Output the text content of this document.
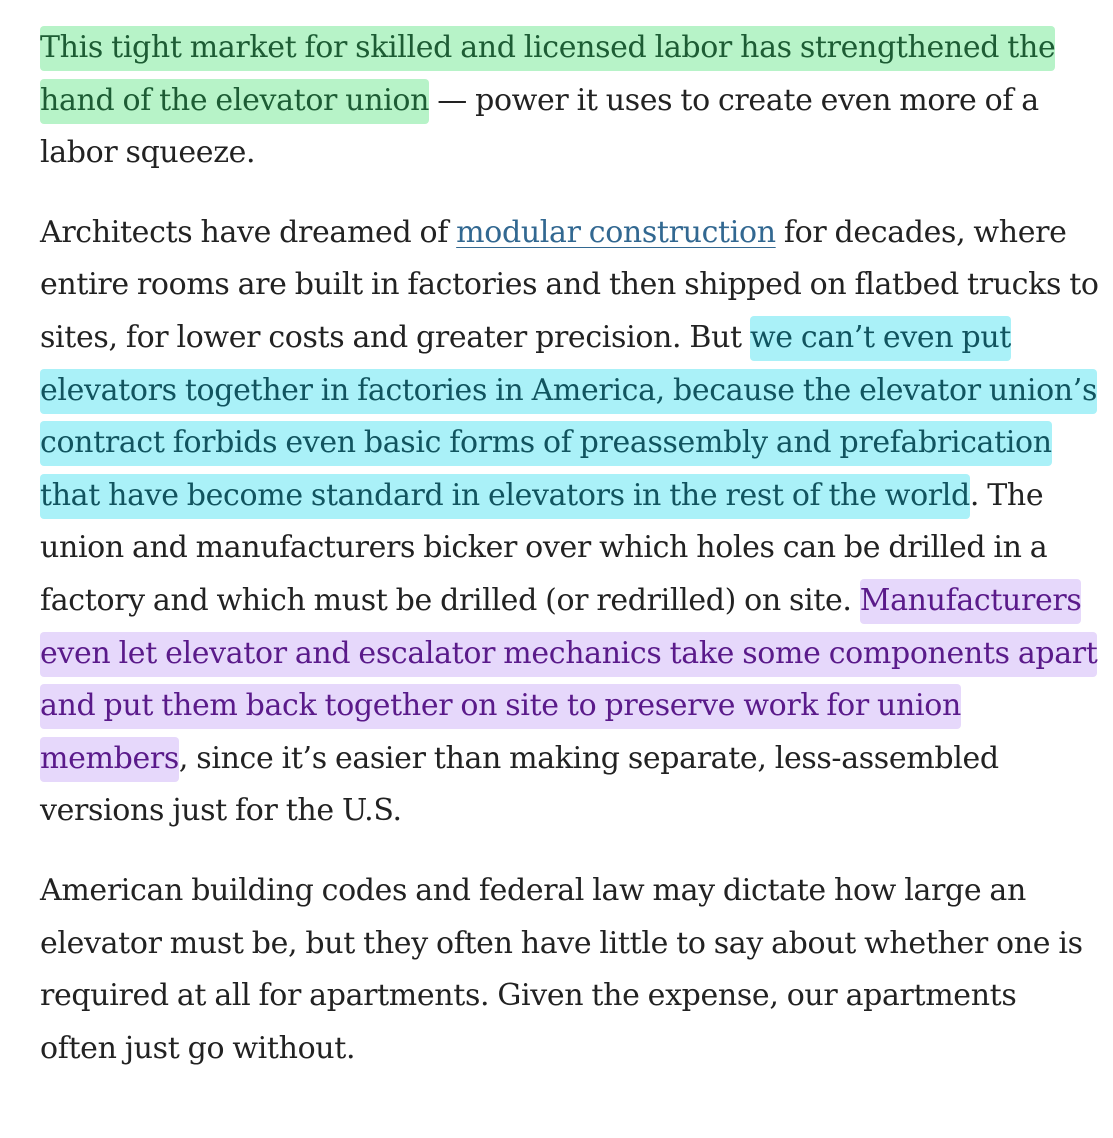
This tight market for skilled and licensed labor has strengthened the hand of the elevator union — power it uses to create even more of a labor squeeze.

Architects have dreamed of modular construction for decades, where entire rooms are built in factories and then shipped on flatbed trucks to sites, for lower costs and greater precision. But we can’t even put elevators together in factories in America, because the elevator union’s contract forbids even basic forms of preassembly and prefabrication that have become standard in elevators in the rest of the world. The union and manufacturers bicker over which holes can be drilled in a factory and which must be drilled (or redrilled) on site. Manufacturers even let elevator and escalator mechanics take some components apart and put them back together on site to preserve work for union members, since it’s easier than making separate, less-assembled versions just for the U.S.

American building codes and federal law may dictate how large an elevator must be, but they often have little to say about whether one is required at all for apartments. Given the expense, our apartments often just go without.
